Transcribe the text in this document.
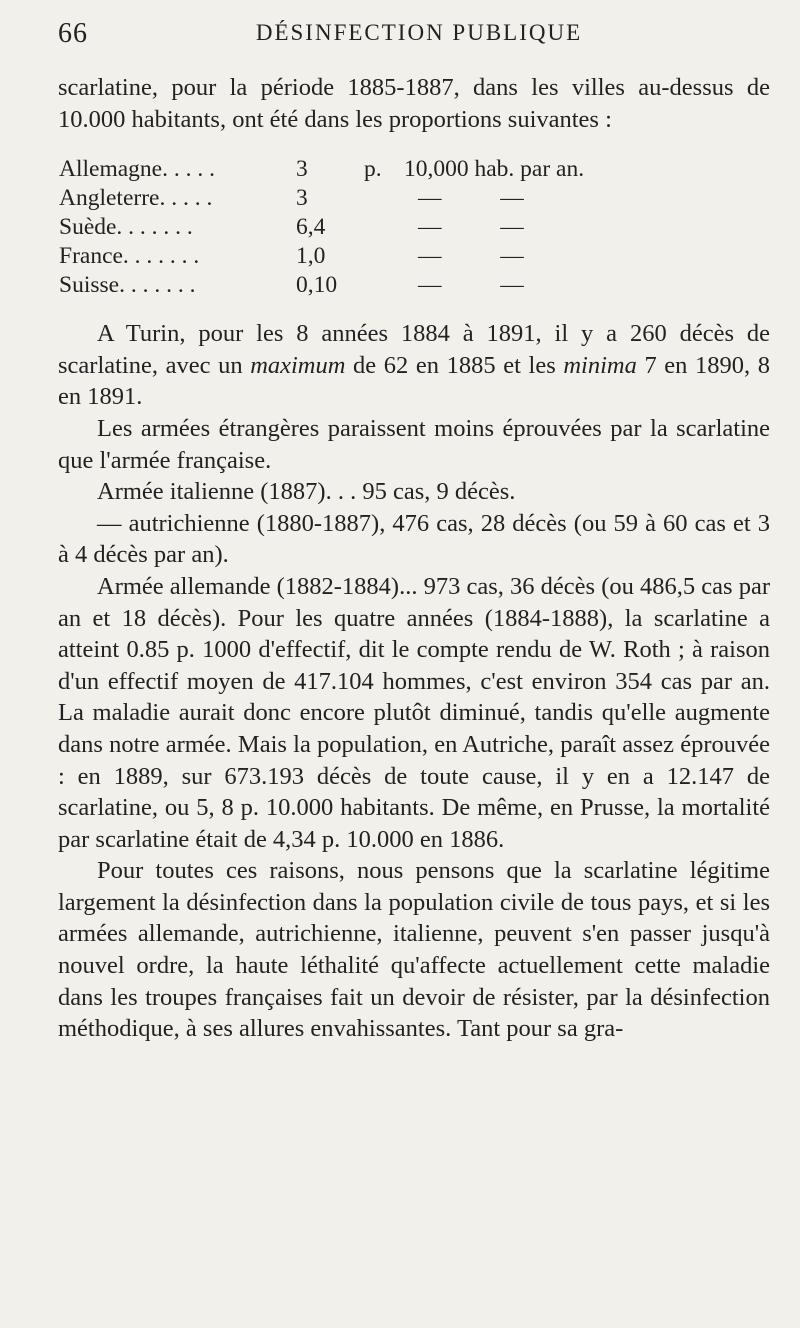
66	DÉSINFECTION PUBLIQUE

scarlatine, pour la période 1885-1887, dans les villes au-dessus de 10.000 habitants, ont été dans les proportions suivantes :

Allemagne. . . . .	3	p. 10,000 hab. par an.
Angleterre. . . . .	3	—          —
Suède. . . . . . .	6,4	—          —
France. . . . . . .	1,0	—          —
Suisse. . . . . . .	0,10	—          —

A Turin, pour les 8 années 1884 à 1891, il y a 260 décès de scarlatine, avec un maximum de 62 en 1885 et les minima 7 en 1890, 8 en 1891.

Les armées étrangères paraissent moins éprouvées par la scarlatine que l'armée française.

Armée italienne (1887). . . 95 cas, 9 décès.

— autrichienne (1880-1887), 476 cas, 28 décès (ou 59 à 60 cas et 3 à 4 décès par an).

Armée allemande (1882-1884)... 973 cas, 36 décès (ou 486,5 cas par an et 18 décès). Pour les quatre années (1884-1888), la scarlatine a atteint 0.85 p. 1000 d'effectif, dit le compte rendu de W. Roth ; à raison d'un effectif moyen de 417.104 hommes, c'est environ 354 cas par an. La maladie aurait donc encore plutôt diminué, tandis qu'elle augmente dans notre armée. Mais la population, en Autriche, paraît assez éprouvée : en 1889, sur 673.193 décès de toute cause, il y en a 12.147 de scarlatine, ou 5, 8 p. 10.000 habitants. De même, en Prusse, la mortalité par scarlatine était de 4,34 p. 10.000 en 1886.

Pour toutes ces raisons, nous pensons que la scarlatine légitime largement la désinfection dans la population civile de tous pays, et si les armées allemande, autrichienne, italienne, peuvent s'en passer jusqu'à nouvel ordre, la haute léthalité qu'affecte actuellement cette maladie dans les troupes françaises fait un devoir de résister, par la désinfection méthodique, à ses allures envahissantes. Tant pour sa gra-
